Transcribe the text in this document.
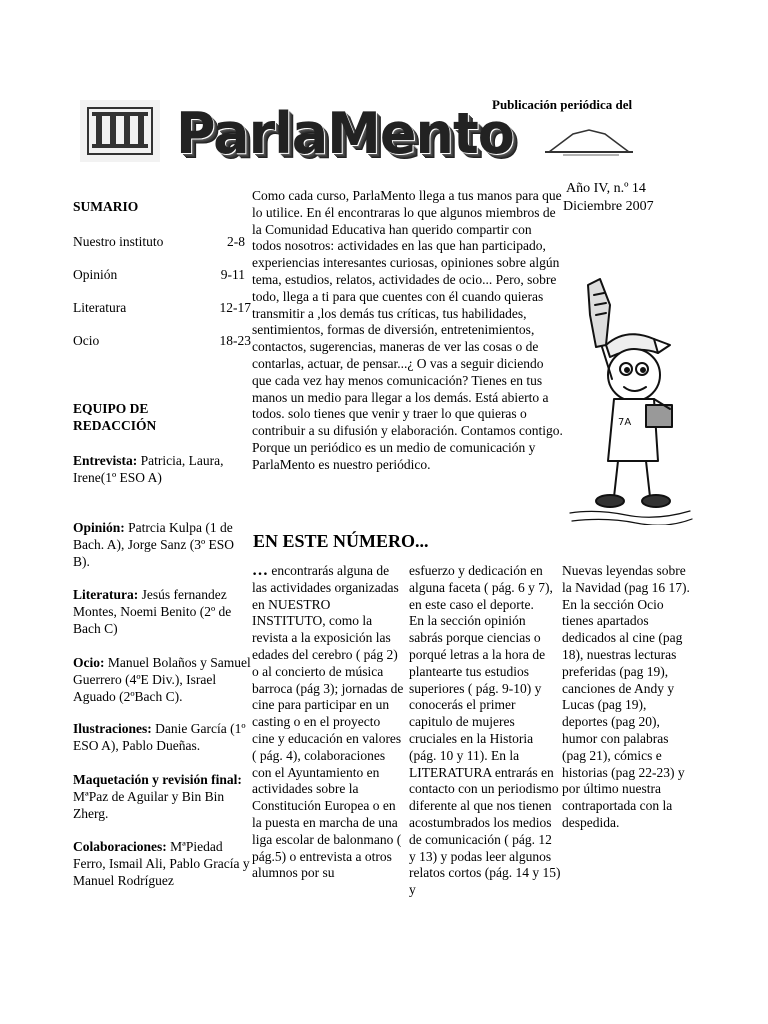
ParlaMento
Publicación periódica del
Año IV, n.º 14
Diciembre 2007
SUMARIO
Nuestro instituto	2-8
Opinión	9-11
Literatura	12-17
Ocio	18-23
EQUIPO DE
REDACCIÓN
Entrevista: Patricia, Laura, Irene(1º ESO A)
Opinión: Patrcia Kulpa (1 de Bach. A), Jorge Sanz (3º ESO B).
Literatura: Jesús fernandez Montes, Noemi Benito (2º de Bach C)
Ocio: Manuel Bolaños y Samuel Guerrero (4ºE Div.), Israel Aguado (2ºBach C).
Ilustraciones: Danie García (1º ESO A), Pablo Dueñas.
Maquetación y revisión final: MªPaz de Aguilar y Bin Bin Zherg.
Colaboraciones: MªPiedad Ferro, Ismail Ali, Pablo Gracía y Manuel Rodríguez
Como cada curso, ParlaMento llega a tus manos para que lo utilice. En él encontraras lo que algunos miembros de la Comunidad Educativa han querido compartir con todos nosotros: actividades en las que han participado, experiencias interesantes curiosas, opiniones sobre algún tema, estudios, relatos, actividades de ocio... Pero, sobre todo, llega a ti para que cuentes con él cuando quieras transmitir a ,los demás tus críticas, tus habilidades, sentimientos, formas de diversión, entretenimientos, contactos, sugerencias, maneras de ver las cosas o de contarlas, actuar, de pensar...¿ O vas a seguir diciendo que cada vez hay menos comunicación? Tienes en tus manos un medio para llegar a los demás. Está abierto a todos. solo tienes que venir y traer lo que quieras o contribuir a su difusión y elaboración. Contamos contigo. Porque un periódico es un medio de comunicación y ParlaMento es nuestro periódico.
7A
EN ESTE NÚMERO...
… encontrarás alguna de las actividades organizadas en NUESTRO INSTITUTO, como la revista a la exposición las edades del cerebro ( pág 2) o al concierto de música barroca (pág 3); jornadas de cine para participar en un casting o en el proyecto cine y educación en valores ( pág. 4), colaboraciones con el Ayuntamiento en actividades sobre la Constitución Europea o en la puesta en marcha de una liga escolar de balonmano ( pág.5) o entrevista a otros alumnos por su
esfuerzo y dedicación en alguna faceta ( pág. 6 y 7), en este caso el deporte.
En la sección opinión sabrás porque ciencias o porqué letras a la hora de plantearte tus estudios superiores ( pág. 9-10) y conocerás el primer capitulo de mujeres cruciales en la Historia (pág. 10 y 11). En la LITERATURA entrarás en contacto con un periodismo diferente al que nos tienen acostumbrados los medios de comunicación ( pág. 12 y 13) y podas leer algunos relatos cortos (pág. 14 y 15) y
Nuevas leyendas sobre la Navidad (pag 16 17).
En la sección Ocio tienes apartados dedicados al cine (pag 18), nuestras lecturas preferidas (pag 19), canciones de Andy y Lucas (pag 19), deportes (pag 20), humor con palabras (pag 21), cómics e historias (pag 22-23) y por último nuestra contraportada con la despedida.
